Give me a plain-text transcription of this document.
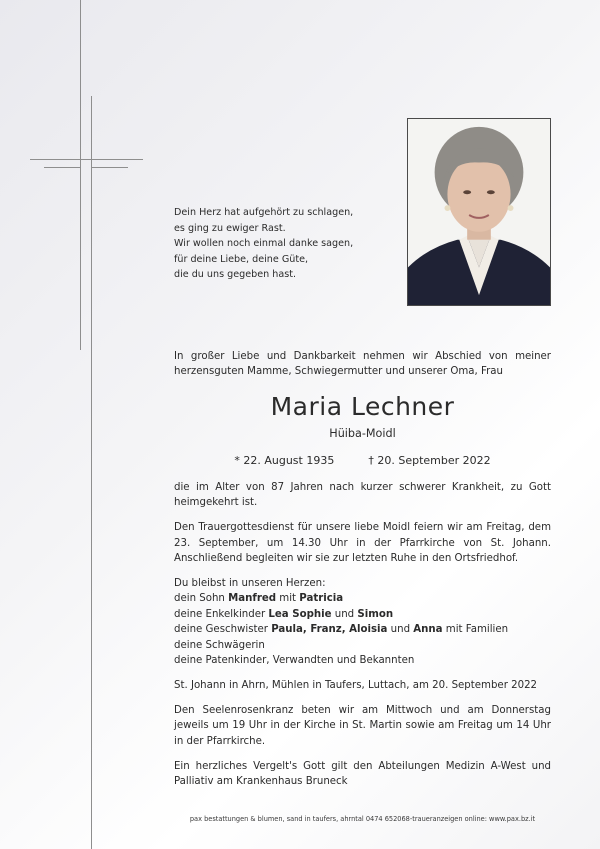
Dein Herz hat aufgehört zu schlagen,
es ging zu ewiger Rast.
Wir wollen noch einmal danke sagen,
für deine Liebe, deine Güte,
die du uns gegeben hast.
In großer Liebe und Dankbarkeit nehmen wir Abschied von meiner herzensguten Mamme, Schwiegermutter und unserer Oma, Frau
Maria Lechner
Hüiba-Moidl
* 22. August 1935	† 20. September 2022
die im Alter von 87 Jahren nach kurzer schwerer Krankheit, zu Gott heimgekehrt ist.
Den Trauergottesdienst für unsere liebe Moidl feiern wir am Freitag, dem 23. September, um 14.30 Uhr in der Pfarrkirche von St. Johann. Anschließend begleiten wir sie zur letzten Ruhe in den Ortsfriedhof.
Du bleibst in unseren Herzen:
dein Sohn Manfred mit Patricia
deine Enkelkinder Lea Sophie und Simon
deine Geschwister Paula, Franz, Aloisia und Anna mit Familien
deine Schwägerin
deine Patenkinder, Verwandten und Bekannten
St. Johann in Ahrn, Mühlen in Taufers, Luttach, am 20. September 2022
Den Seelenrosenkranz beten wir am Mittwoch und am Donnerstag jeweils um 19 Uhr in der Kirche in St. Martin sowie am Freitag um 14 Uhr in der Pfarrkirche.
Ein herzliches Vergelt's Gott gilt den Abteilungen Medizin A-West und Palliativ am Krankenhaus Bruneck
pax bestattungen & blumen, sand in taufers, ahrntal 0474 652068-traueranzeigen online: www.pax.bz.it
